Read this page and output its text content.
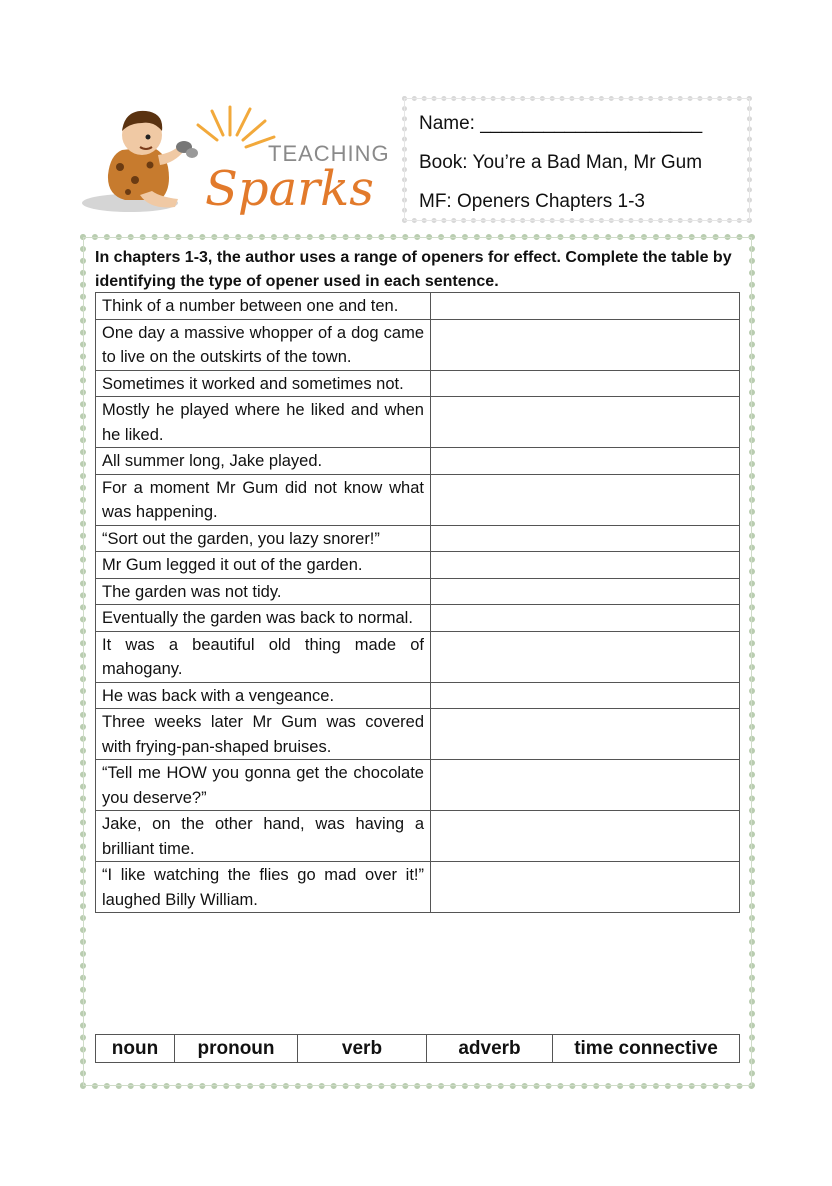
TEACHING
Sparks
Name: _____________________
Book: You’re a Bad Man, Mr Gum
MF: Openers Chapters 1-3
In chapters 1-3, the author uses a range of openers for effect. Complete the table by identifying the type of opener used in each sentence.
Think of a number between one and ten.	
One day a massive whopper of a dog came to live on the outskirts of the town.	
Sometimes it worked and sometimes not.	
Mostly he played where he liked and when he liked.	
All summer long, Jake played.	
For a moment Mr Gum did not know what was happening.	
“Sort out the garden, you lazy snorer!”	
Mr Gum legged it out of the garden.	
The garden was not tidy.	
Eventually the garden was back to normal.	
It was a beautiful old thing made of mahogany.	
He was back with a vengeance.	
Three weeks later Mr Gum was covered with frying-pan-shaped bruises.	
“Tell me HOW you gonna get the chocolate you deserve?”	
Jake, on the other hand, was having a brilliant time.	
“I like watching the flies go mad over it!” laughed Billy William.	
noun	pronoun	verb	adverb	time connective
